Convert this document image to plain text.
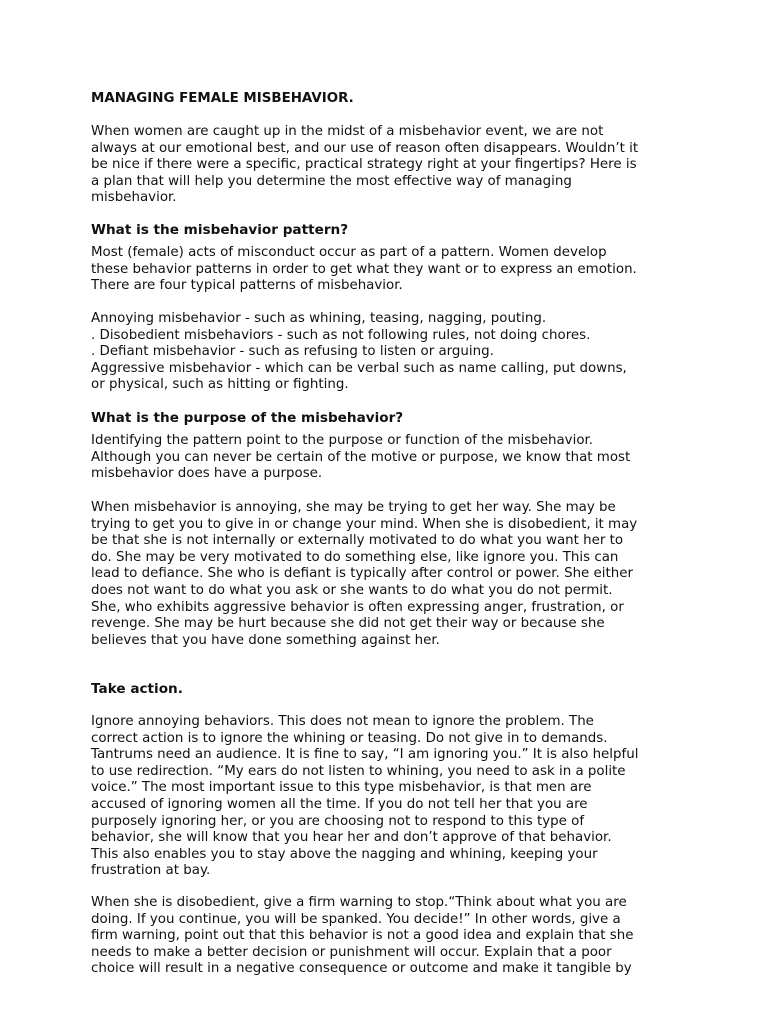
MANAGING FEMALE MISBEHAVIOR.
When women are caught up in the midst of a misbehavior event, we are not
always at our emotional best, and our use of reason often disappears. Wouldn’t it
be nice if there were a specific, practical strategy right at your fingertips? Here is
a plan that will help you determine the most effective way of managing
misbehavior.
What is the misbehavior pattern?
Most (female) acts of misconduct occur as part of a pattern. Women develop
these behavior patterns in order to get what they want or to express an emotion.
There are four typical patterns of misbehavior.
Annoying misbehavior - such as whining, teasing, nagging, pouting.
. Disobedient misbehaviors - such as not following rules, not doing chores.
. Defiant misbehavior - such as refusing to listen or arguing.
Aggressive misbehavior - which can be verbal such as name calling, put downs,
or physical, such as hitting or fighting.
What is the purpose of the misbehavior?
Identifying the pattern point to the purpose or function of the misbehavior.
Although you can never be certain of the motive or purpose, we know that most
misbehavior does have a purpose.
When misbehavior is annoying, she may be trying to get her way. She may be
trying to get you to give in or change your mind. When she is disobedient, it may
be that she is not internally or externally motivated to do what you want her to
do. She may be very motivated to do something else, like ignore you. This can
lead to defiance. She who is defiant is typically after control or power. She either
does not want to do what you ask or she wants to do what you do not permit.
She, who exhibits aggressive behavior is often expressing anger, frustration, or
revenge. She may be hurt because she did not get their way or because she
believes that you have done something against her.
Take action.
Ignore annoying behaviors. This does not mean to ignore the problem. The
correct action is to ignore the whining or teasing. Do not give in to demands.
Tantrums need an audience. It is fine to say, “I am ignoring you.” It is also helpful
to use redirection. “My ears do not listen to whining, you need to ask in a polite
voice.” The most important issue to this type misbehavior, is that men are
accused of ignoring women all the time. If you do not tell her that you are
purposely ignoring her, or you are choosing not to respond to this type of
behavior, she will know that you hear her and don’t approve of that behavior.
This also enables you to stay above the nagging and whining, keeping your
frustration at bay.
When she is disobedient, give a firm warning to stop.“Think about what you are
doing. If you continue, you will be spanked. You decide!” In other words, give a
firm warning, point out that this behavior is not a good idea and explain that she
needs to make a better decision or punishment will occur. Explain that a poor
choice will result in a negative consequence or outcome and make it tangible by
